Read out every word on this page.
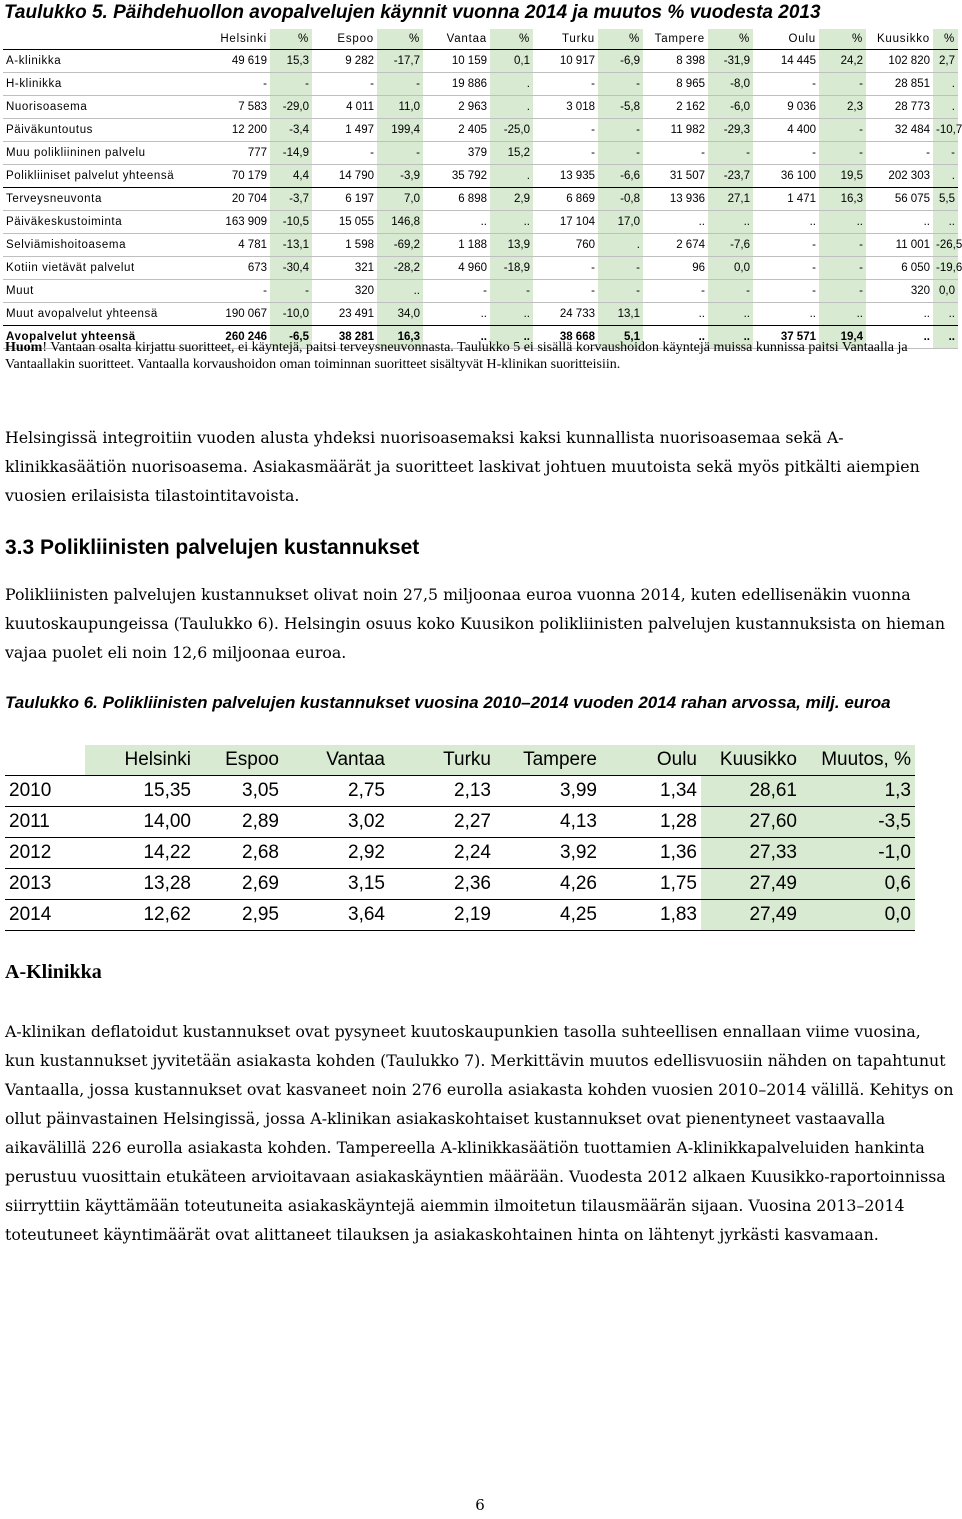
Taulukko 5. Päihdehuollon avopalvelujen käynnit vuonna 2014 ja muutos % vuodesta 2013
	Helsinki	%	Espoo	%	Vantaa	%	Turku	%	Tampere	%	Oulu	%	Kuusikko	%
A-klinikka	49 619	15,3	9 282	-17,7	10 159	0,1	10 917	-6,9	8 398	-31,9	14 445	24,2	102 820	2,7
H-klinikka	-	-	-	-	19 886	.	-	-	8 965	-8,0	-	-	28 851	.
Nuorisoasema	7 583	-29,0	4 011	11,0	2 963	.	3 018	-5,8	2 162	-6,0	9 036	2,3	28 773	.
Päiväkuntoutus	12 200	-3,4	1 497	199,4	2 405	-25,0	-	-	11 982	-29,3	4 400	-	32 484	-10,7
Muu polikliininen palvelu	777	-14,9	-	-	379	15,2	-	-	-	-	-	-	-	-
Polikliiniset palvelut yhteensä	70 179	4,4	14 790	-3,9	35 792	.	13 935	-6,6	31 507	-23,7	36 100	19,5	202 303	.
Terveysneuvonta	20 704	-3,7	6 197	7,0	6 898	2,9	6 869	-0,8	13 936	27,1	1 471	16,3	56 075	5,5
Päiväkeskustoiminta	163 909	-10,5	15 055	146,8	..	..	17 104	17,0	..	..	..	..	..	..
Selviämishoitoasema	4 781	-13,1	1 598	-69,2	1 188	13,9	760	.	2 674	-7,6	-	-	11 001	-26,5
Kotiin vietävät palvelut	673	-30,4	321	-28,2	4 960	-18,9	-	-	96	0,0	-	-	6 050	-19,6
Muut	-	-	320	..	-	-	-	-	-	-	-	-	320	0,0
Muut avopalvelut yhteensä	190 067	-10,0	23 491	34,0	..	..	24 733	13,1	..	..	..	..	..	..
Avopalvelut yhteensä	260 246	-6,5	38 281	16,3	..	..	38 668	5,1	..	..	37 571	19,4	..	..
Huom! Vantaan osalta kirjattu suoritteet, ei käyntejä, paitsi terveysneuvonnasta. Taulukko 5 ei sisällä korvaushoidon käyntejä muissa kunnissa paitsi Vantaalla ja Vantaallakin suoritteet. Vantaalla korvaushoidon oman toiminnan suoritteet sisältyvät H-klinikan suoritteisiin.
Helsingissä integroitiin vuoden alusta yhdeksi nuorisoasemaksi kaksi kunnallista nuorisoasemaa sekä A-klinikkasäätiön nuorisoasema. Asiakasmäärät ja suoritteet laskivat johtuen muutoista sekä myös pitkälti aiempien vuosien erilaisista tilastointitavoista.
3.3 Polikliinisten palvelujen kustannukset
Polikliinisten palvelujen kustannukset olivat noin 27,5 miljoonaa euroa vuonna 2014, kuten edellisenäkin vuonna kuutoskaupungeissa (Taulukko 6). Helsingin osuus koko Kuusikon polikliinisten palvelujen kustannuksista on hieman vajaa puolet eli noin 12,6 miljoonaa euroa.
Taulukko 6. Polikliinisten palvelujen kustannukset vuosina 2010–2014 vuoden 2014 rahan arvossa, milj. euroa
	Helsinki	Espoo	Vantaa	Turku	Tampere	Oulu	Kuusikko	Muutos, %
2010	15,35	3,05	2,75	2,13	3,99	1,34	28,61	1,3
2011	14,00	2,89	3,02	2,27	4,13	1,28	27,60	-3,5
2012	14,22	2,68	2,92	2,24	3,92	1,36	27,33	-1,0
2013	13,28	2,69	3,15	2,36	4,26	1,75	27,49	0,6
2014	12,62	2,95	3,64	2,19	4,25	1,83	27,49	0,0
A-Klinikka
A-klinikan deflatoidut kustannukset ovat pysyneet kuutoskaupunkien tasolla suhteellisen ennallaan viime vuosina, kun kustannukset jyvitetään asiakasta kohden (Taulukko 7). Merkittävin muutos edellisvuosiin nähden on tapahtunut Vantaalla, jossa kustannukset ovat kasvaneet noin 276 eurolla asiakasta kohden vuosien 2010–2014 välillä. Kehitys on ollut päinvastainen Helsingissä, jossa A-klinikan asiakaskohtaiset kustannukset ovat pienentyneet vastaavalla aikavälillä 226 eurolla asiakasta kohden. Tampereella A-klinikkasäätiön tuottamien A-klinikkapalveluiden hankinta perustuu vuosittain etukäteen arvioitavaan asiakaskäyntien määrään. Vuodesta 2012 alkaen Kuusikko-raportoinnissa siirryttiin käyttämään toteutuneita asiakaskäyntejä aiemmin ilmoitetun tilausmäärän sijaan. Vuosina 2013–2014 toteutuneet käyntimäärät ovat alittaneet tilauksen ja asiakaskohtainen hinta on lähtenyt jyrkästi kasvamaan.
6
